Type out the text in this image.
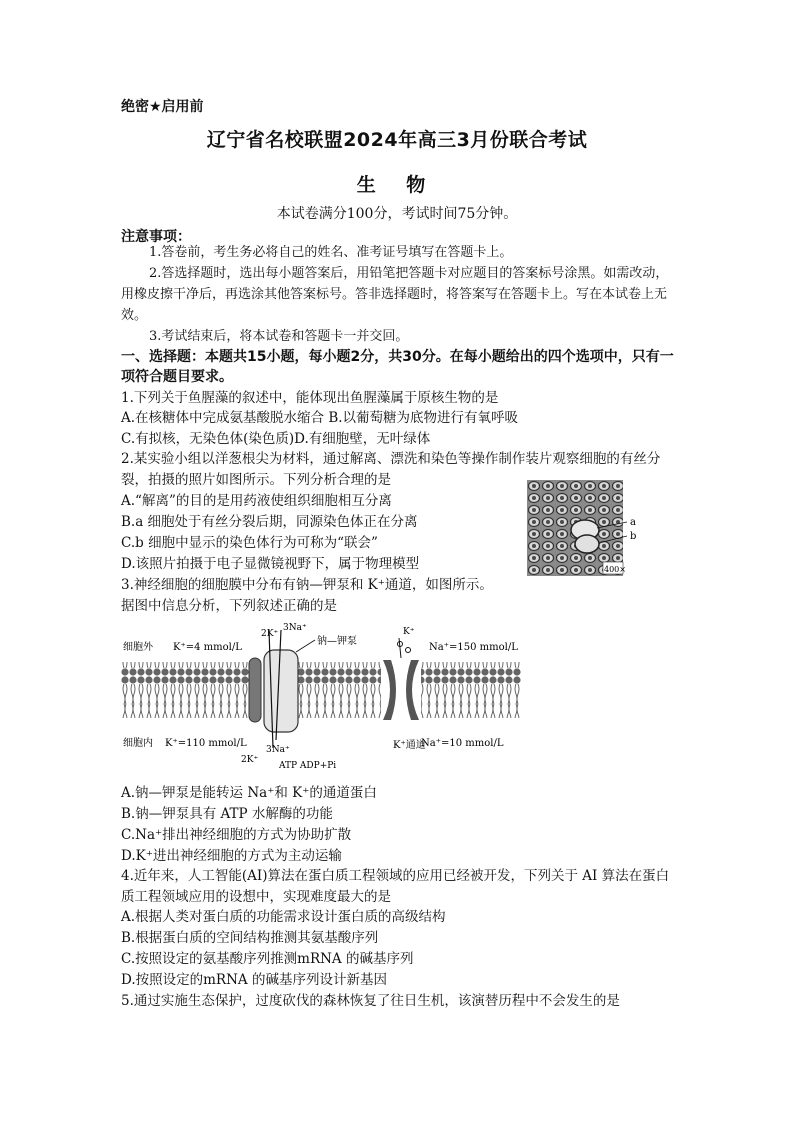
绝密★启用前
辽宁省名校联盟2024年高三3月份联合考试
生 物
本试卷满分100分，考试时间75分钟。
注意事项：
1.答卷前，考生务必将自己的姓名、准考证号填写在答题卡上。
2.答选择题时，选出每小题答案后，用铅笔把答题卡对应题目的答案标号涂黑。如需改动，用橡皮擦干净后，再选涂其他答案标号。答非选择题时，将答案写在答题卡上。写在本试卷上无效。
3.考试结束后，将本试卷和答题卡一并交回。
一、选择题：本题共15小题，每小题2分，共30分。在每小题给出的四个选项中，只有一项符合题目要求。
1.下列关于鱼腥藻的叙述中，能体现出鱼腥藻属于原核生物的是
A.在核糖体中完成氨基酸脱水缩合 B.以葡萄糖为底物进行有氧呼吸
C.有拟核，无染色体(染色质)D.有细胞壁，无叶绿体
2.某实验小组以洋葱根尖为材料，通过解离、漂洗和染色等操作制作装片观察细胞的有丝分裂，拍摄的照片如图所示。下列分析合理的是
A.“解离”的目的是用药液使组织细胞相互分离
B.a 细胞处于有丝分裂后期，同源染色体正在分离
C.b 细胞中显示的染色体行为可称为“联会”
D.该照片拍摄于电子显微镜视野下，属于物理模型	400×
a
b
3.神经细胞的细胞膜中分布有钠—钾泵和 K⁺通道，如图所示。
据图中信息分析，下列叙述正确的是
细胞外
细胞内
K⁺=4 mmol/L
K⁺=110 mmol/L
Na⁺=150 mmol/L
Na⁺=10 mmol/L
钠—钾泵
2K⁺
3Na⁺
3Na⁺
2K⁺
ATP ADP+Pi
K⁺
K⁺通道
A.钠—钾泵是能转运 Na⁺和 K⁺的通道蛋白
B.钠—钾泵具有 ATP 水解酶的功能
C.Na⁺排出神经细胞的方式为协助扩散
D.K⁺进出神经细胞的方式为主动运输
4.近年来，人工智能(AI)算法在蛋白质工程领域的应用已经被开发，下列关于 AI 算法在蛋白质工程领域应用的设想中，实现难度最大的是
A.根据人类对蛋白质的功能需求设计蛋白质的高级结构
B.根据蛋白质的空间结构推测其氨基酸序列
C.按照设定的氨基酸序列推测mRNA 的碱基序列
D.按照设定的mRNA 的碱基序列设计新基因
5.通过实施生态保护，过度砍伐的森林恢复了往日生机，该演替历程中不会发生的是
